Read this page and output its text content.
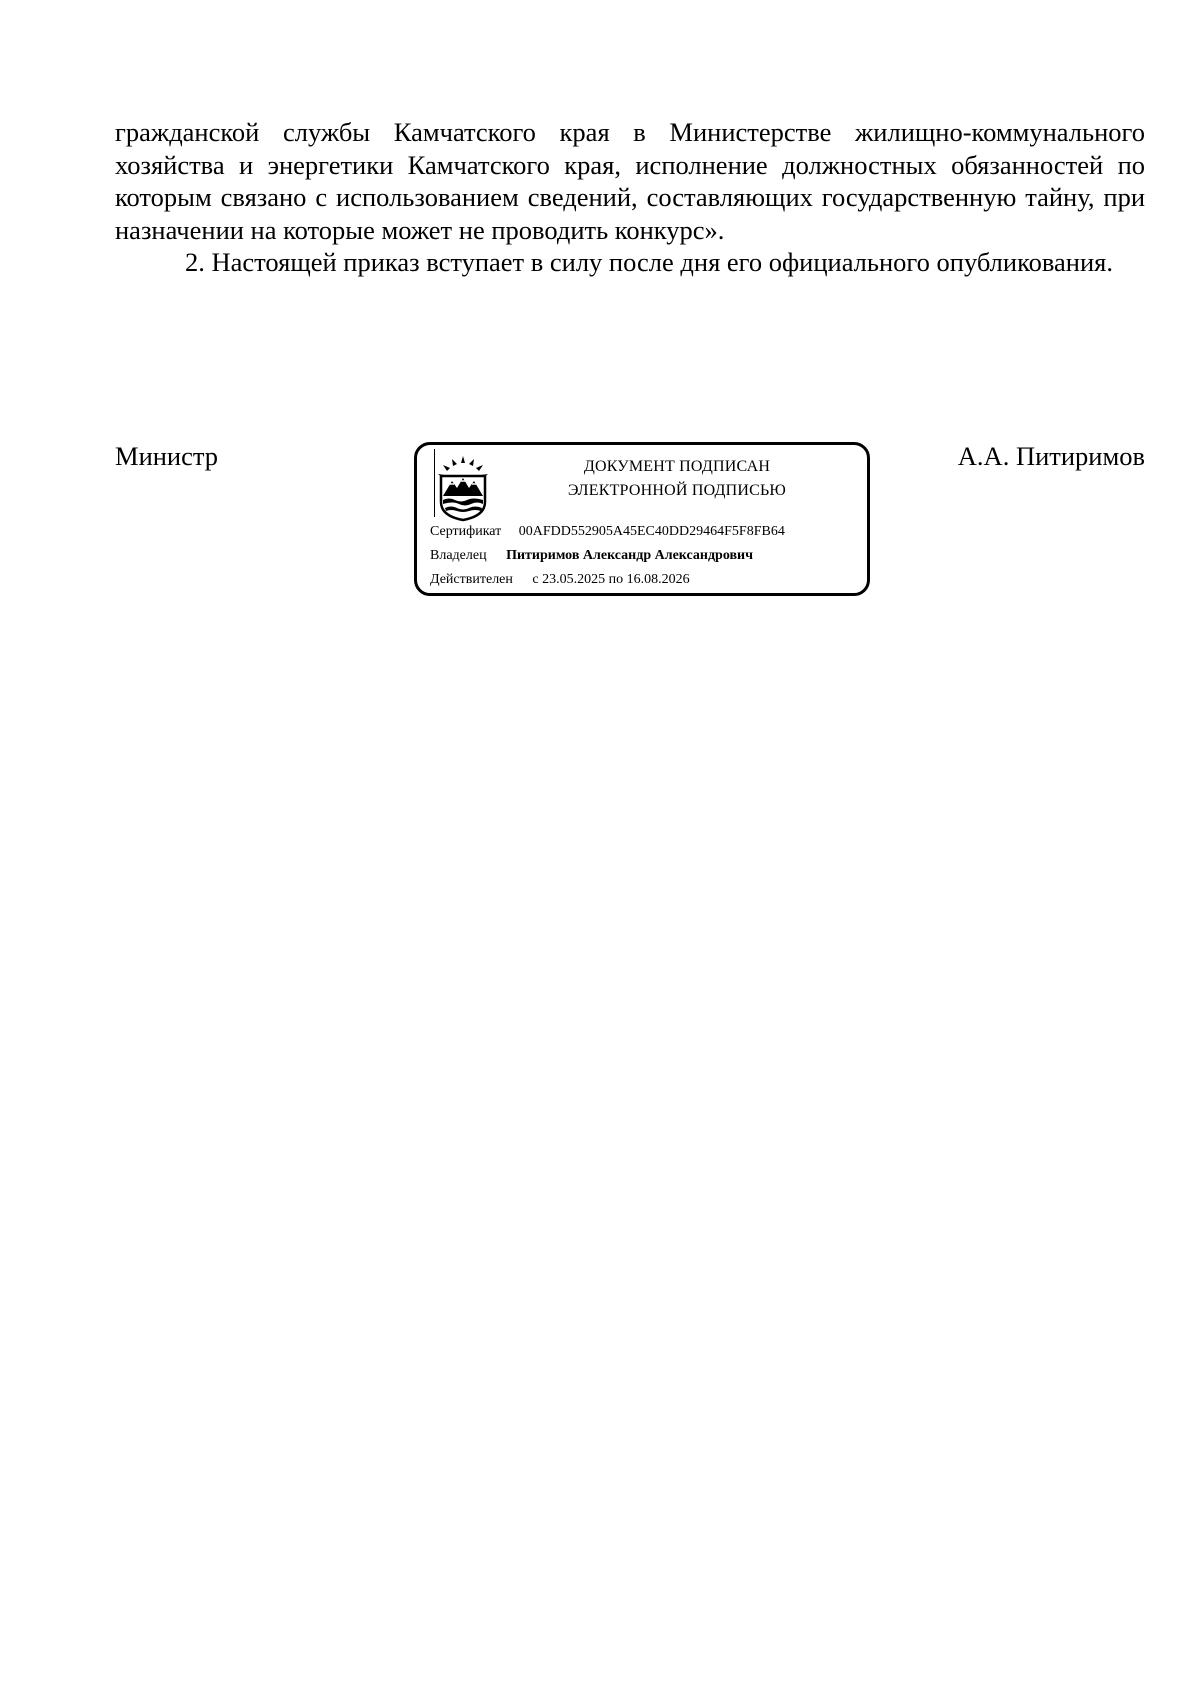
гражданской службы Камчатского края в Министерстве жилищно-коммунального хозяйства и энергетики Камчатского края, исполнение должностных обязанностей по которым связано с использованием сведений, составляющих государственную тайну, при назначении на которые может не проводить конкурс».

2. Настоящей приказ вступает в силу после дня его официального опубликования.

Министр	ДОКУМЕНТ ПОДПИСАН
ЭЛЕКТРОННОЙ ПОДПИСЬЮ
Сертификат 00AFDD552905A45EC40DD29464F5F8FB64
Владелец Питиримов Александр Александрович
Действителен с 23.05.2025 по 16.08.2026
А.А. Питиримов
